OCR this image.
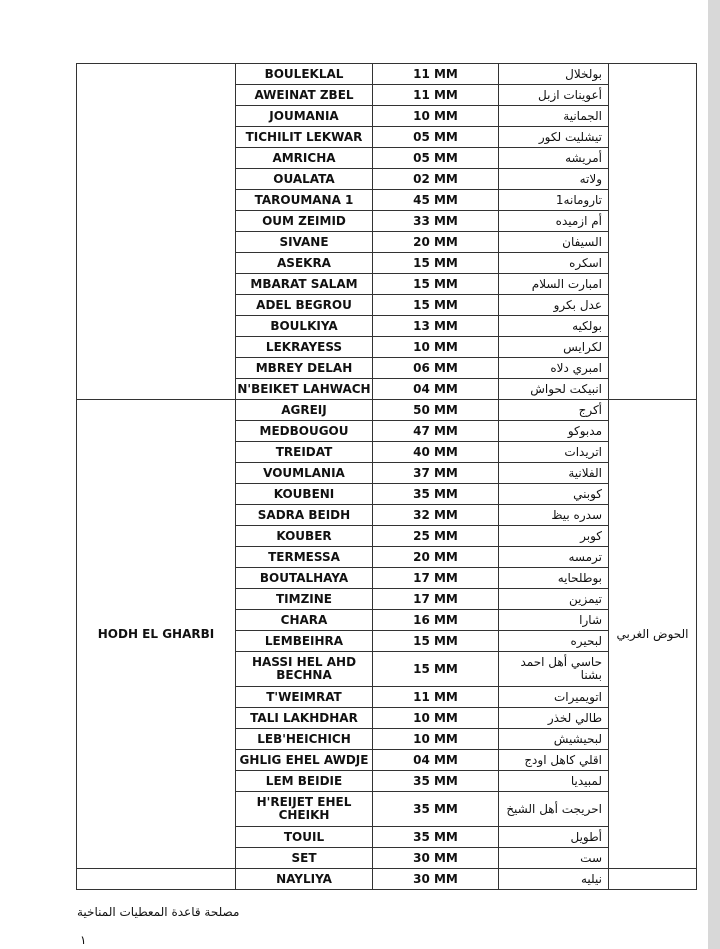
	BOULEKLAL	11 MM	بولخلال	
	AWEINAT ZBEL	11 MM	أعوينات ازبل	
	JOUMANIA	10 MM	الجمانية	
	TICHILIT LEKWAR	05 MM	تيشليت لكور	
	AMRICHA	05 MM	أمريشه	
	OUALATA	02 MM	ولاته	
	TAROUMANA 1	45 MM	تارومانه1	
	OUM ZEIMID	33 MM	أم ازميده	
	SIVANE	20 MM	السيفان	
	ASEKRA	15 MM	اسكره	
	MBARAT SALAM	15 MM	امبارت السلام	
	ADEL BEGROU	15 MM	عدل بكرو	
	BOULKIYA	13 MM	بولكيه	
	LEKRAYESS	10 MM	لكرايس	
	MBREY DELAH	06 MM	امبري دلاه	
	N'BEIKET LAHWACH	04 MM	انبيكت لحواش	
HODH EL GHARBI	AGREIJ	50 MM	أكرج	الحوض الغربي
	MEDBOUGOU	47 MM	مدبوكو	
	TREIDAT	40 MM	اتريدات	
	VOUMLANIA	37 MM	الفلانية	
	KOUBENI	35 MM	كوبني	
	SADRA BEIDH	32 MM	سدره بيظ	
	KOUBER	25 MM	كوبر	
	TERMESSA	20 MM	ترمسه	
	BOUTALHAYA	17 MM	بوطلحايه	
	TIMZINE	17 MM	تيمزين	
	CHARA	16 MM	شارا	
	LEMBEIHRA	15 MM	لبحيره	
	HASSI HEL AHD BECHNA	15 MM	حاسي أهل احمد بشنا	
	T'WEIMRAT	11 MM	اتويميرات	
	TALI LAKHDHAR	10 MM	طالي لخذر	
	LEB'HEICHICH	10 MM	لبحيشيش	
	GHLIG EHEL AWDJE	04 MM	اقلي كاهل اودج	
	LEM BEIDIE	35 MM	لمبيديا	
	H'REIJET EHEL CHEIKH	35 MM	احريجت أهل الشيخ	
	TOUIL	35 MM	أطويل	
	SET	30 MM	ست	
	NAYLIYA	30 MM	نيليه	
مصلحة قاعدة المعطيات المناخية
١
